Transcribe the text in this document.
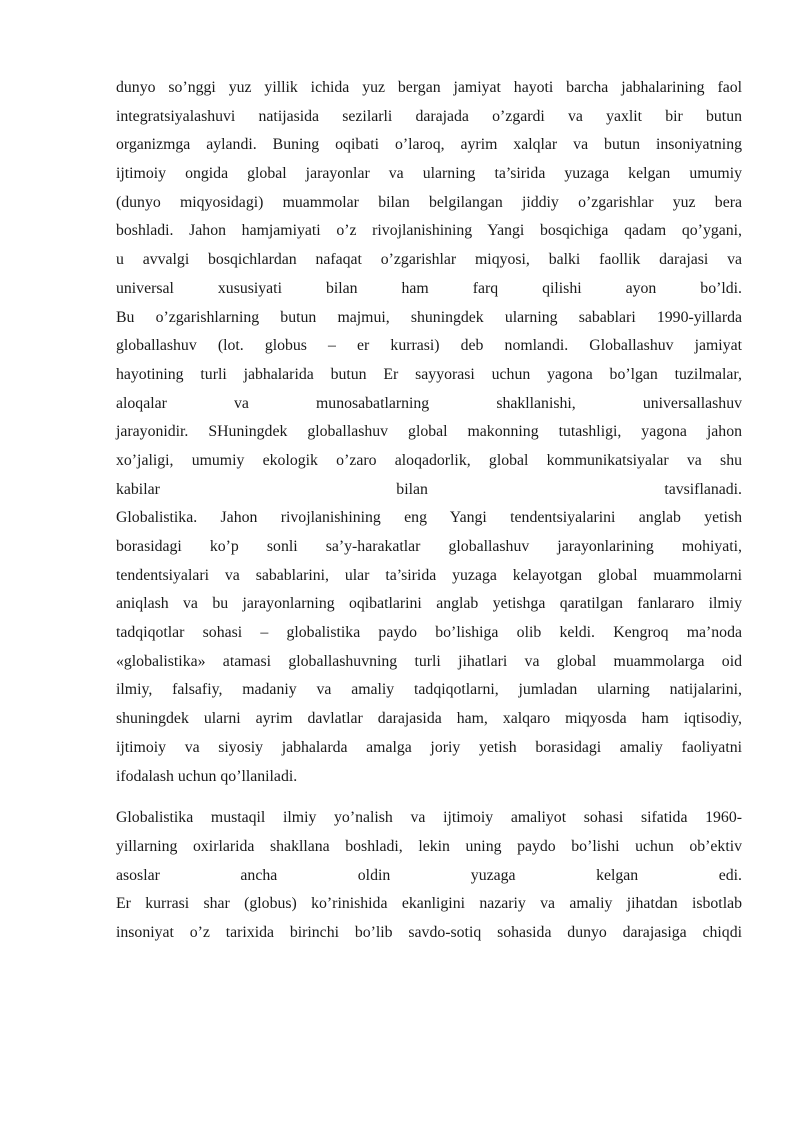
dunyo so’nggi yuz yillik ichida yuz bergan jamiyat hayoti barcha jabhalarining faol
integratsiyalashuvi natijasida sezilarli darajada o’zgardi va yaxlit bir butun
organizmga aylandi. Buning oqibati o’laroq, ayrim xalqlar va butun insoniyatning
ijtimoiy ongida global jarayonlar va ularning ta’sirida yuzaga kelgan umumiy
(dunyo miqyosidagi) muammolar bilan belgilangan jiddiy o’zgarishlar yuz bera
boshladi. Jahon hamjamiyati o’z rivojlanishining Yangi bosqichiga qadam qo’ygani,
u avvalgi bosqichlardan nafaqat o’zgarishlar miqyosi, balki faollik darajasi va
universal xususiyati bilan ham farq qilishi ayon bo’ldi.
Bu o’zgarishlarning butun majmui, shuningdek ularning sabablari 1990-yillarda
globallashuv (lot. globus – er kurrasi) deb nomlandi. Globallashuv jamiyat
hayotining turli jabhalarida butun Er sayyorasi uchun yagona bo’lgan tuzilmalar,
aloqalar va munosabatlarning shakllanishi, universallashuv
jarayonidir. SHuningdek globallashuv global makonning tutashligi, yagona jahon
xo’jaligi, umumiy ekologik o’zaro aloqadorlik, global kommunikatsiyalar va shu
kabilar bilan tavsiflanadi.
Globalistika. Jahon rivojlanishining eng Yangi tendentsiyalarini anglab yetish
borasidagi ko’p sonli sa’y-harakatlar globallashuv jarayonlarining mohiyati,
tendentsiyalari va sabablarini, ular ta’sirida yuzaga kelayotgan global muammolarni
aniqlash va bu jarayonlarning oqibatlarini anglab yetishga qaratilgan fanlararo ilmiy
tadqiqotlar sohasi – globalistika paydo bo’lishiga olib keldi. Kengroq ma’noda
«globalistika» atamasi globallashuvning turli jihatlari va global muammolarga oid
ilmiy, falsafiy, madaniy va amaliy tadqiqotlarni, jumladan ularning natijalarini,
shuningdek ularni ayrim davlatlar darajasida ham, xalqaro miqyosda ham iqtisodiy,
ijtimoiy va siyosiy jabhalarda amalga joriy yetish borasidagi amaliy faoliyatni
ifodalash uchun qo’llaniladi.
Globalistika mustaqil ilmiy yo’nalish va ijtimoiy amaliyot sohasi sifatida 1960-
yillarning oxirlarida shakllana boshladi, lekin uning paydo bo’lishi uchun ob’ektiv
asoslar ancha oldin yuzaga kelgan edi.
Er kurrasi shar (globus) ko’rinishida ekanligini nazariy va amaliy jihatdan isbotlab
insoniyat o’z tarixida birinchi bo’lib savdo-sotiq sohasida dunyo darajasiga chiqdi
